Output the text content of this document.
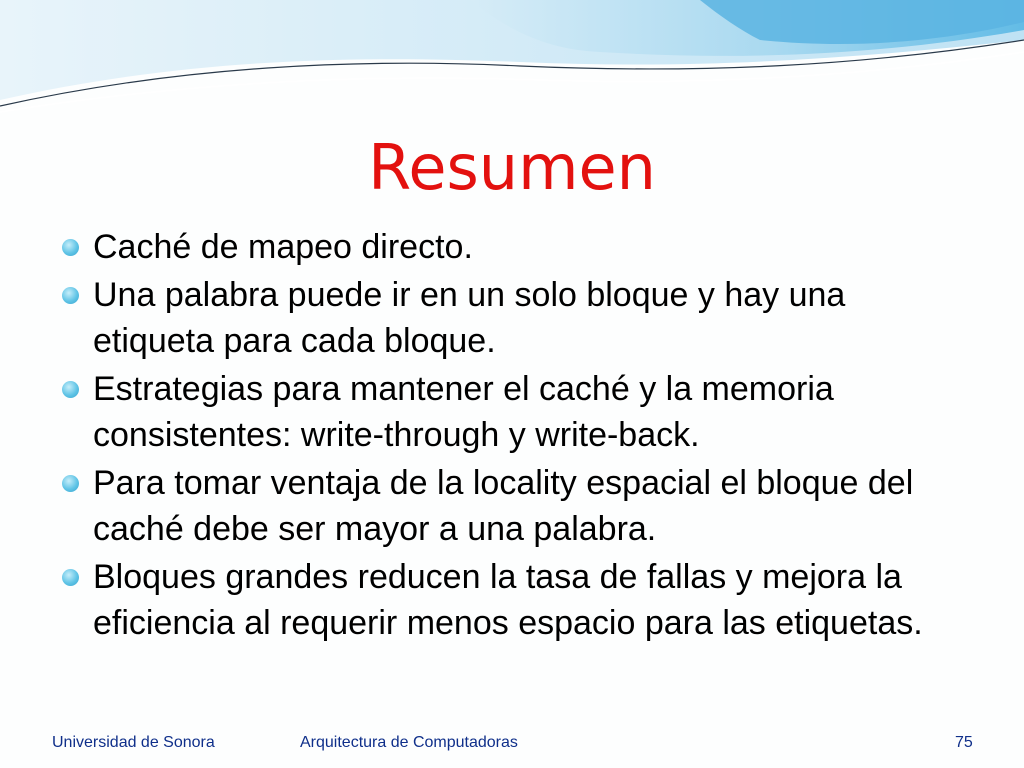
Resumen
Caché de mapeo directo.
Una palabra puede ir en un solo bloque y hay una etiqueta para cada bloque.
Estrategias para mantener el caché y la memoria consistentes: write-through y write-back.
Para tomar ventaja de la locality espacial el bloque del caché debe ser mayor a una palabra.
Bloques grandes reducen la tasa de fallas y mejora la eficiencia al requerir menos espacio para las etiquetas.
Universidad de Sonora	Arquitectura de Computadoras	75
